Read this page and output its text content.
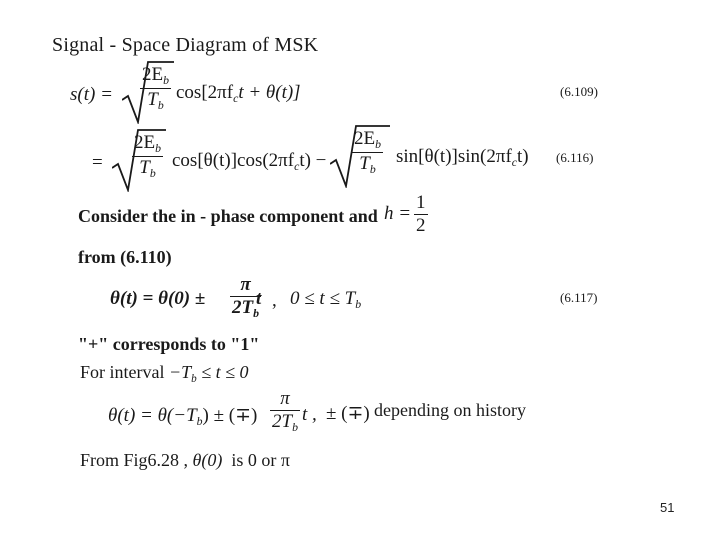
Signal - Space Diagram of MSK
$s(t) = \frac{2E_b}{T_b} \cos[2\pi f_ct + \theta(t)]$	(6.109)
= $\frac{2E_b}{T_b} \cos[\theta(t)]\cos(2\pi f_ct) - \frac{2E_b}{T_b} \sin[\theta(t)]\sin(2\pi f_ct)$ (6.116)
Consider the in - phase component and $h = \frac{1}{2}$
from (6.110)
$\theta(t) = \theta(0) \pm \frac{\pi}{2T_b}$
t , $0 \le t \le T_b$	(6.117)
"+" corresponds to "1"
For interval $-T_b \le t \le 0$
$\theta(t) = \theta(-T_b)$ ± (∓) $\frac{\pi}{2T_b}$ t , ± (∓) depending on history
From Fig6.28 , θ(0) is 0 or π
51
